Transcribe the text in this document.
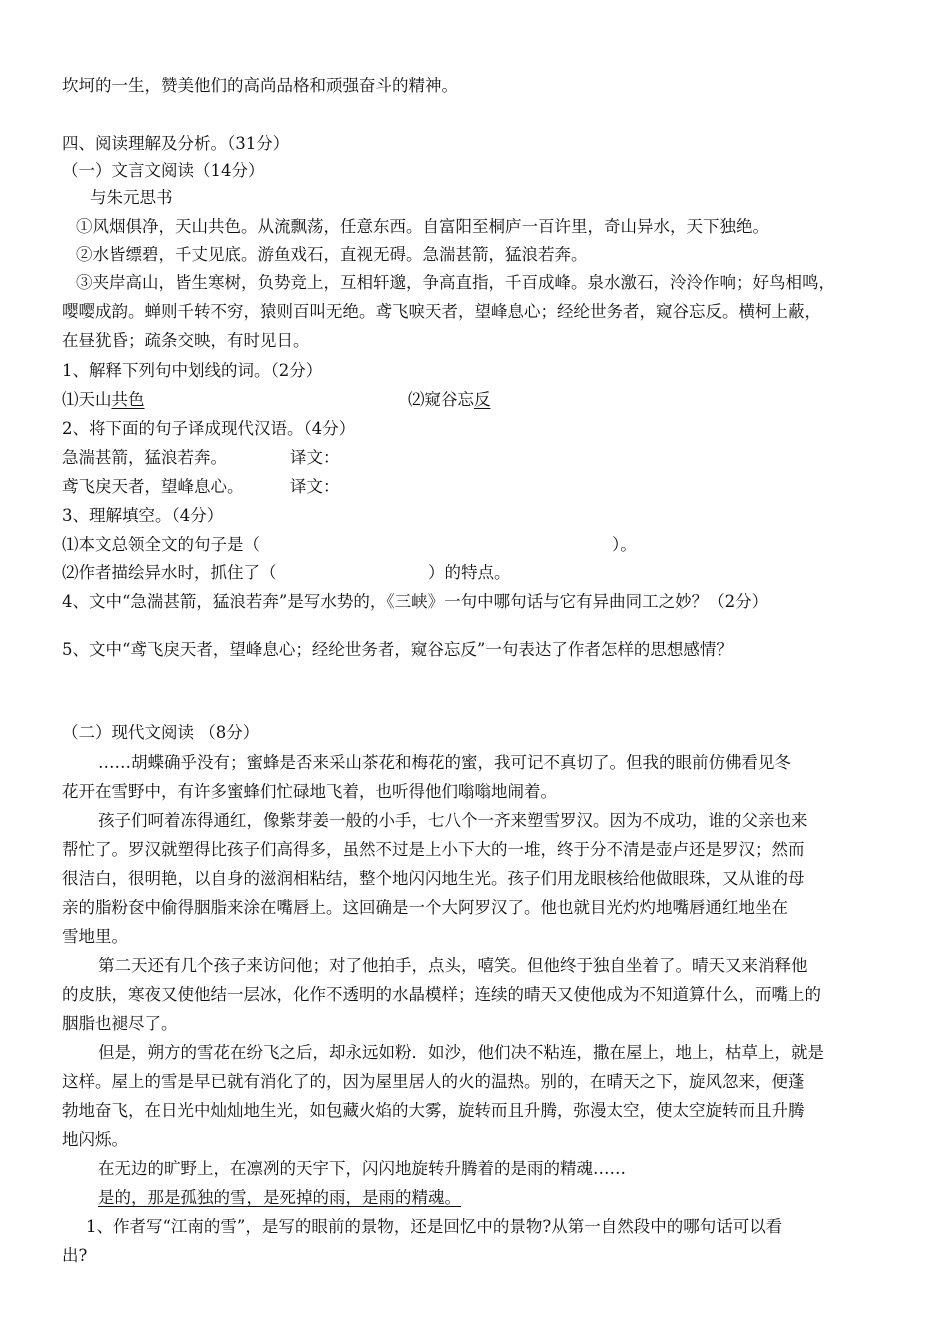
坎坷的一生，赞美他们的高尚品格和顽强奋斗的精神。
四、阅读理解及分析。（31分）
（一）文言文阅读（14分）
与朱元思书
①风烟俱净，天山共色。从流飘荡，任意东西。自富阳至桐庐一百许里，奇山异水，天下独绝。
②水皆缥碧，千丈见底。游鱼戏石，直视无碍。急湍甚箭，猛浪若奔。
③夹岸高山，皆生寒树，负势竞上，互相轩邈，争高直指，千百成峰。泉水激石，泠泠作响；好鸟相鸣，
嘤嘤成韵。蝉则千转不穷，猿则百叫无绝。鸢飞唳天者，望峰息心；经纶世务者，窥谷忘反。横柯上蔽，
在昼犹昏；疏条交映，有时见日。
1、解释下列句中划线的词。（2分）
⑴天山共色	⑵窥谷忘反
2、将下面的句子译成现代汉语。（4分）
急湍甚箭，猛浪若奔。	译文：
鸢飞戾天者，望峰息心。	译文：
3、理解填空。（4分）
⑴本文总领全文的句子是（	）。
⑵作者描绘异水时，抓住了（	）的特点。
4、文中“急湍甚箭，猛浪若奔”是写水势的，《三峡》一句中哪句话与它有异曲同工之妙？（2分）
5、文中“鸢飞戾天者，望峰息心；经纶世务者，窥谷忘反”一句表达了作者怎样的思想感情？
（二）现代文阅读 （8分）
……胡蝶确乎没有；蜜蜂是否来采山茶花和梅花的蜜，我可记不真切了。但我的眼前仿佛看见冬
花开在雪野中，有许多蜜蜂们忙碌地飞着，也听得他们嗡嗡地闹着。
孩子们呵着冻得通红，像紫芽姜一般的小手，七八个一齐来塑雪罗汉。因为不成功，谁的父亲也来
帮忙了。罗汉就塑得比孩子们高得多，虽然不过是上小下大的一堆，终于分不清是壶卢还是罗汉；然而
很洁白，很明艳，以自身的滋润相粘结，整个地闪闪地生光。孩子们用龙眼核给他做眼珠，又从谁的母
亲的脂粉奁中偷得胭脂来涂在嘴唇上。这回确是一个大阿罗汉了。他也就目光灼灼地嘴唇通红地坐在
雪地里。
第二天还有几个孩子来访问他；对了他拍手，点头，嘻笑。但他终于独自坐着了。晴天又来消释他
的皮肤，寒夜又使他结一层冰，化作不透明的水晶模样；连续的晴天又使他成为不知道算什么，而嘴上的
胭脂也褪尽了。
但是，朔方的雪花在纷飞之后，却永远如粉．如沙，他们决不粘连，撒在屋上，地上，枯草上，就是
这样。屋上的雪是早已就有消化了的，因为屋里居人的火的温热。别的，在晴天之下，旋风忽来，便蓬
勃地奋飞，在日光中灿灿地生光，如包藏火焰的大雾，旋转而且升腾，弥漫太空，使太空旋转而且升腾
地闪烁。
在无边的旷野上，在凛冽的天宇下，闪闪地旋转升腾着的是雨的精魂……
是的，那是孤独的雪，是死掉的雨，是雨的精魂。
1、作者写“江南的雪”，是写的眼前的景物，还是回忆中的景物?从第一自然段中的哪句话可以看
出?
